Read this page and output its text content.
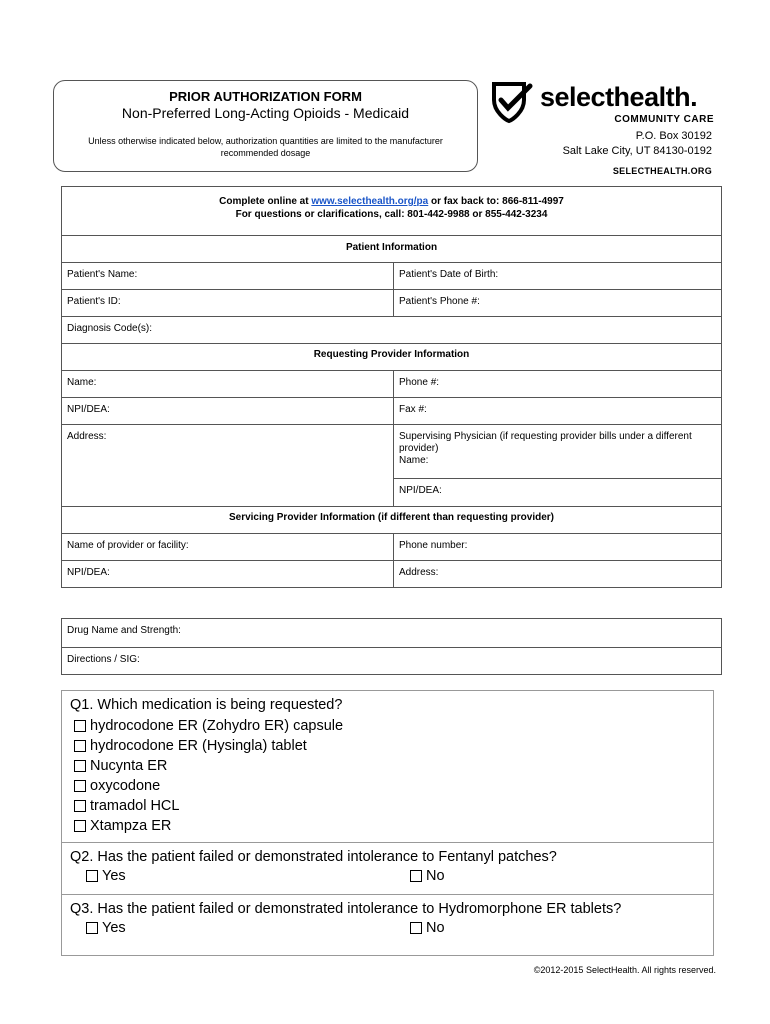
PRIOR AUTHORIZATION FORM
Non-Preferred Long-Acting Opioids - Medicaid
Unless otherwise indicated below, authorization quantities are limited to the manufacturer recommended dosage
selecthealth.
COMMUNITY CARE
P.O. Box 30192
Salt Lake City, UT 84130-0192
SELECTHEALTH.ORG
Complete online at www.selecthealth.org/pa or fax back to: 866-811-4997
For questions or clarifications, call: 801-442-9988 or 855-442-3234
Patient Information
Patient's Name:	Patient's Date of Birth:
Patient's ID:	Patient's Phone #:
Diagnosis Code(s):
Requesting Provider Information
Name:	Phone #:
NPI/DEA:	Fax #:
Address:	Supervising Physician (if requesting provider bills under a different provider)
Name:
NPI/DEA:
Servicing Provider Information (if different than requesting provider)
Name of provider or facility:	Phone number:
NPI/DEA:	Address:
Drug Name and Strength:
Directions / SIG:
Q1. Which medication is being requested?
hydrocodone ER (Zohydro ER) capsule
hydrocodone ER (Hysingla) tablet
Nucynta ER
oxycodone
tramadol HCL
Xtampza ER
Q2. Has the patient failed or demonstrated intolerance to Fentanyl patches?
Yes	No
Q3. Has the patient failed or demonstrated intolerance to Hydromorphone ER tablets?
Yes	No
©2012-2015 SelectHealth. All rights reserved.
